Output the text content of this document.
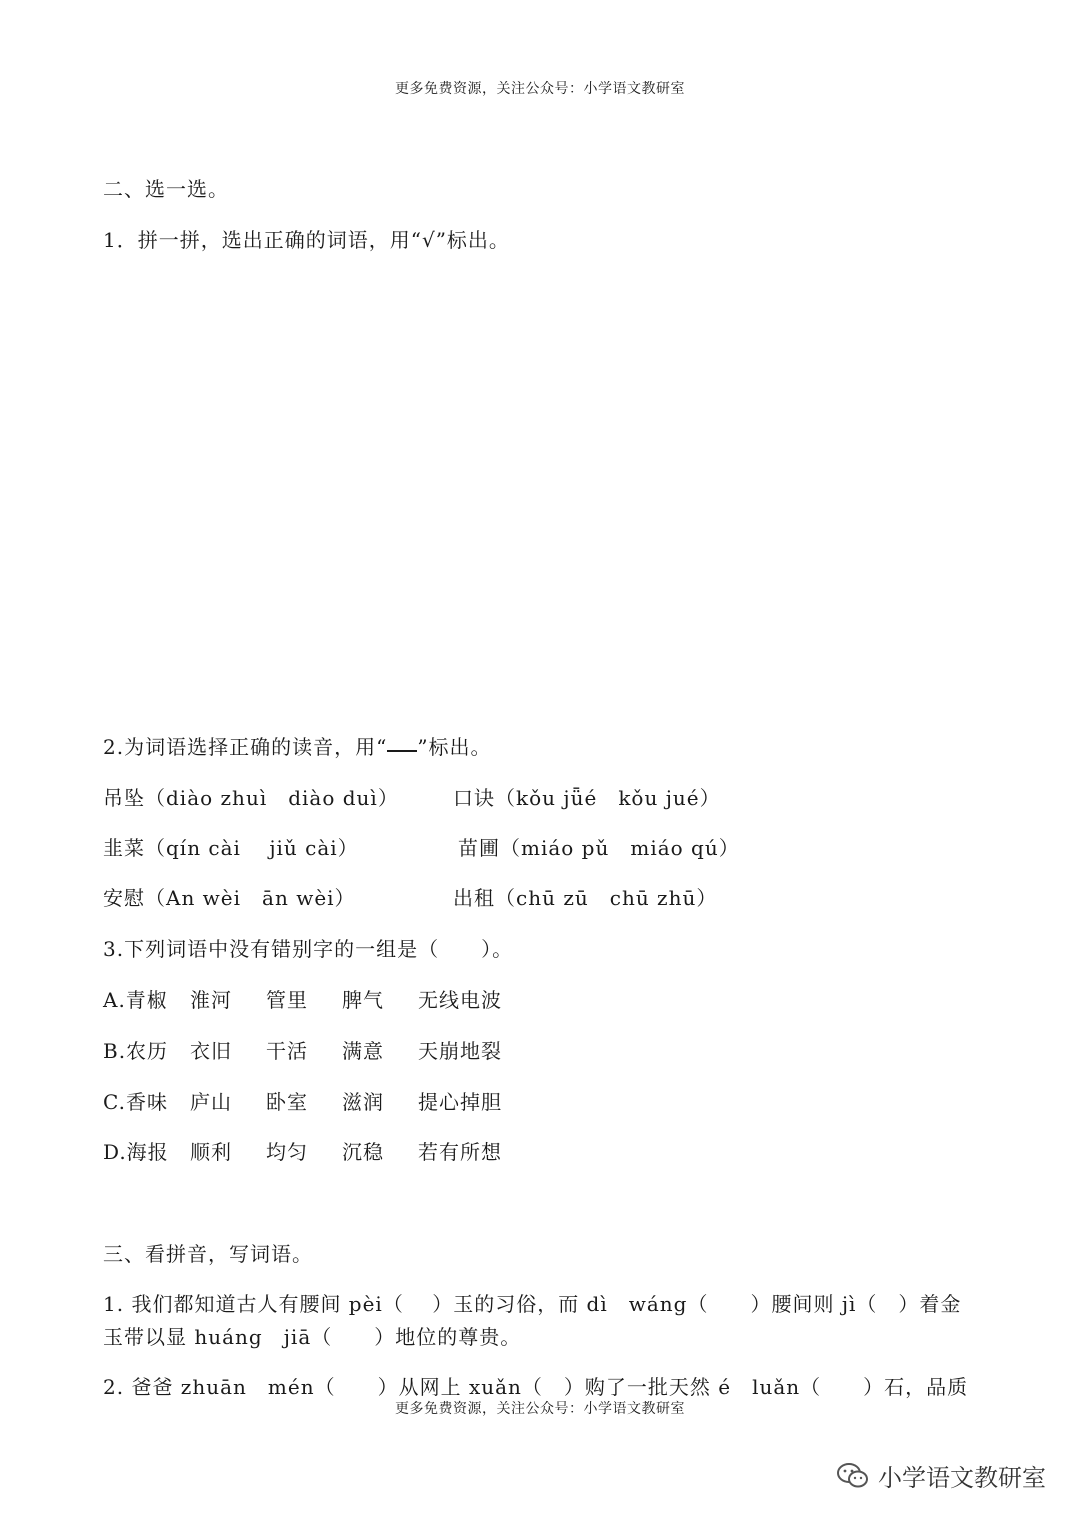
更多免费资源，关注公众号：小学语文教研室
二、选一选。
1．拼一拼，选出正确的词语，用“√”标出。
2.为词语选择正确的读音，用“ ”标出。
吊坠（diào zhuì　diào duì）	口诀（kǒu jǖé　kǒu jué）
韭菜（qín cài　 jiǔ cài）	苗圃（miáo pǔ　miáo qú）
安慰（An wèi　ān wèi）	出租（chū zū　chū zhū）
3.下列词语中没有错别字的一组是（　　）。
A.青椒 淮河 管里 脾气 无线电波
B.农历 衣旧 干活 满意 天崩地裂
C.香味 庐山 卧室 滋润 提心掉胆
D.海报 顺利 均匀 沉稳 若有所想
三、看拼音，写词语。
1. 我们都知道古人有腰间 pèi（　 ）玉的习俗，而 dì　wáng（　　）腰间则 jì（　）着金
玉带以显 huáng　jiā（　　）地位的尊贵。
2. 爸爸 zhuān　mén（　　）从网上 xuǎn（　）购了一批天然 é　luǎn（　　）石，品质
更多免费资源，关注公众号：小学语文教研室
小学语文教研室
